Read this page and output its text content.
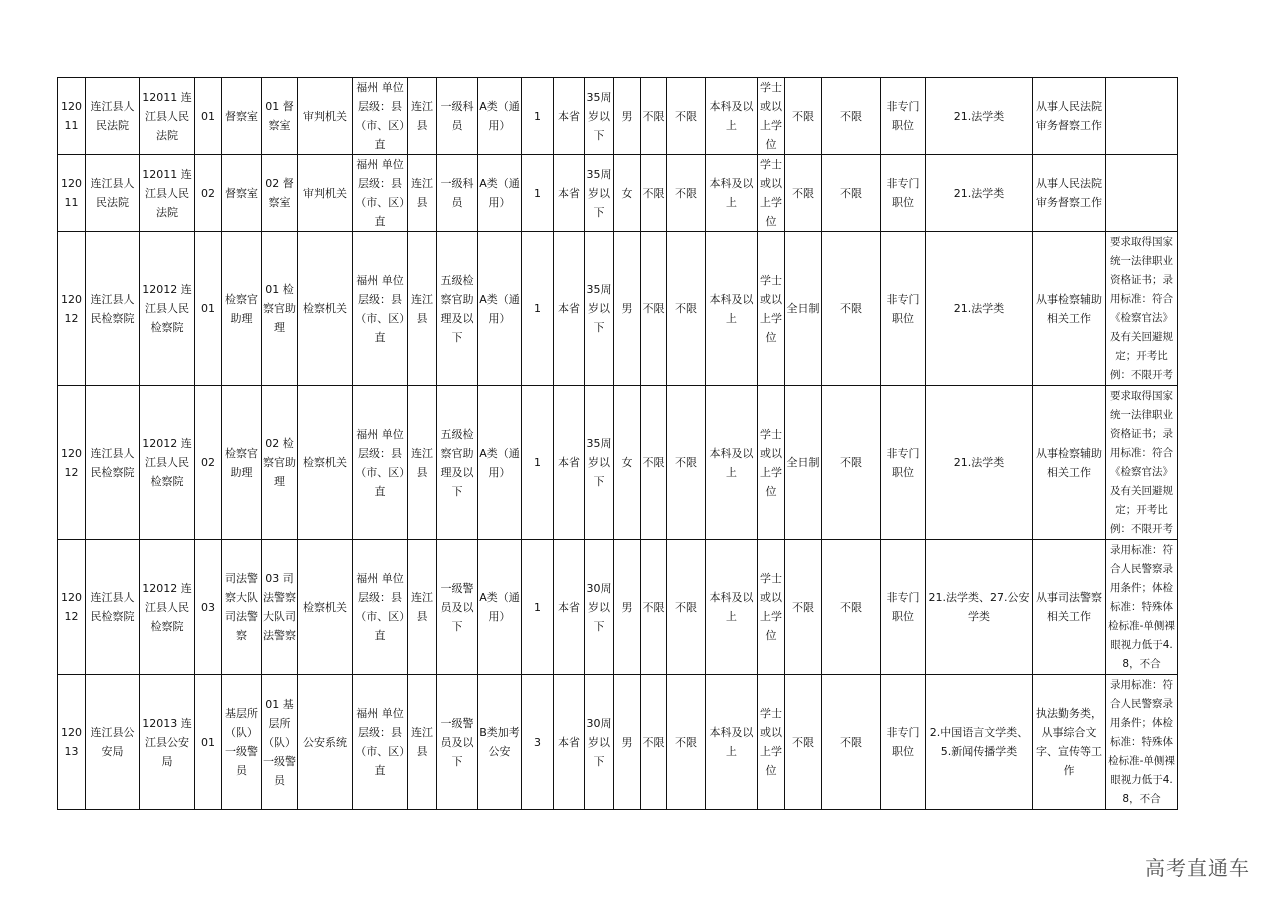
12011	连江县人民法院	12011 连江县人民法院	01	督察室	01 督察室	审判机关	福州 单位层级：县（市、区）直	连江县	一级科员	A类（通用）	1	本省	35周岁以下	男	不限	不限	本科及以上	学士或以上学位	不限	不限	非专门职位	21.法学类	从事人民法院审务督察工作	
12011	连江县人民法院	12011 连江县人民法院	02	督察室	02 督察室	审判机关	福州 单位层级：县（市、区）直	连江县	一级科员	A类（通用）	1	本省	35周岁以下	女	不限	不限	本科及以上	学士或以上学位	不限	不限	非专门职位	21.法学类	从事人民法院审务督察工作	
12012	连江县人民检察院	12012 连江县人民检察院	01	检察官助理	01 检察官助理	检察机关	福州 单位层级：县（市、区）直	连江县	五级检察官助理及以下	A类（通用）	1	本省	35周岁以下	男	不限	不限	本科及以上	学士或以上学位	全日制	不限	非专门职位	21.法学类	从事检察辅助相关工作	要求取得国家统一法律职业资格证书；录用标准：符合《检察官法》及有关回避规定；开考比例：不限开考
12012	连江县人民检察院	12012 连江县人民检察院	02	检察官助理	02 检察官助理	检察机关	福州 单位层级：县（市、区）直	连江县	五级检察官助理及以下	A类（通用）	1	本省	35周岁以下	女	不限	不限	本科及以上	学士或以上学位	全日制	不限	非专门职位	21.法学类	从事检察辅助相关工作	要求取得国家统一法律职业资格证书；录用标准：符合《检察官法》及有关回避规定；开考比例：不限开考
12012	连江县人民检察院	12012 连江县人民检察院	03	司法警察大队司法警察	03 司法警察大队司法警察	检察机关	福州 单位层级：县（市、区）直	连江县	一级警员及以下	A类（通用）	1	本省	30周岁以下	男	不限	不限	本科及以上	学士或以上学位	不限	不限	非专门职位	21.法学类、27.公安学类	从事司法警察相关工作	录用标准：符合人民警察录用条件；体检标准：特殊体检标准-单侧裸眼视力低于4.8，不合
12013	连江县公安局	12013 连江县公安局	01	基层所（队）一级警员	01 基层所（队）一级警员	公安系统	福州 单位层级：县（市、区）直	连江县	一级警员及以下	B类加考公安	3	本省	30周岁以下	男	不限	不限	本科及以上	学士或以上学位	不限	不限	非专门职位	2.中国语言文学类、5.新闻传播学类	执法勤务类，从事综合文字、宣传等工作	录用标准：符合人民警察录用条件；体检标准：特殊体检标准-单侧裸眼视力低于4.8，不合
高考直通车
